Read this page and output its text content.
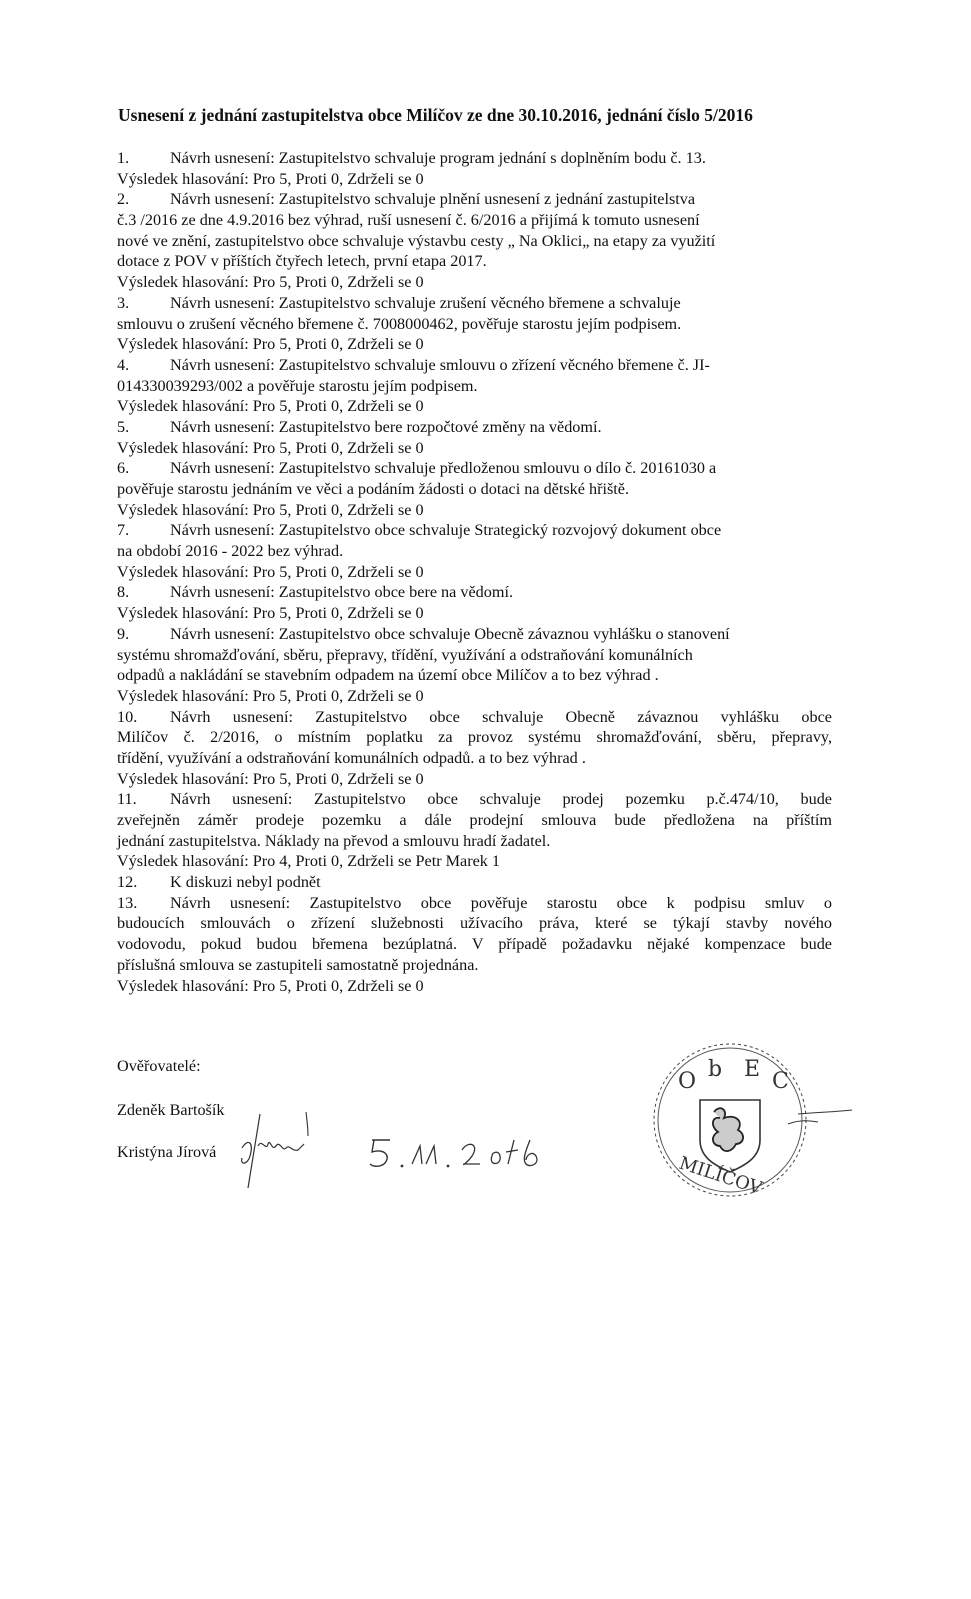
Usnesení z jednání zastupitelstva obce Milíčov ze dne 30.10.2016, jednání číslo 5/2016
1.	Návrh usnesení: Zastupitelstvo schvaluje program jednání s doplněním bodu č. 13.
Výsledek hlasování: Pro 5, Proti 0, Zdrželi se 0
2.	Návrh usnesení: Zastupitelstvo schvaluje plnění usnesení z jednání zastupitelstva
č.3 /2016 ze dne 4.9.2016 bez výhrad, ruší usnesení č. 6/2016 a přijímá k tomuto usnesení
nové ve znění, zastupitelstvo obce schvaluje výstavbu cesty „ Na Oklici„ na etapy za využití
dotace z POV v příštích čtyřech letech, první etapa 2017.
Výsledek hlasování: Pro 5, Proti 0, Zdrželi se 0
3.	Návrh usnesení: Zastupitelstvo schvaluje zrušení věcného břemene a schvaluje
smlouvu o zrušení věcného břemene č. 7008000462, pověřuje starostu jejím podpisem.
Výsledek hlasování: Pro 5, Proti 0, Zdrželi se 0
4.	Návrh usnesení: Zastupitelstvo schvaluje smlouvu o zřízení věcného břemene č. JI-
014330039293/002 a pověřuje starostu jejím podpisem.
Výsledek hlasování: Pro 5, Proti 0, Zdrželi se 0
5.	Návrh usnesení: Zastupitelstvo bere rozpočtové změny na vědomí.
Výsledek hlasování: Pro 5, Proti 0, Zdrželi se 0
6.	Návrh usnesení: Zastupitelstvo schvaluje předloženou smlouvu o dílo č. 20161030 a
pověřuje starostu jednáním ve věci a podáním žádosti o dotaci na dětské hřiště.
Výsledek hlasování: Pro 5, Proti 0, Zdrželi se 0
7.	Návrh usnesení: Zastupitelstvo obce schvaluje Strategický rozvojový dokument obce
na období 2016 - 2022 bez výhrad.
Výsledek hlasování: Pro 5, Proti 0, Zdrželi se 0
8.	Návrh usnesení: Zastupitelstvo obce bere na vědomí.
Výsledek hlasování: Pro 5, Proti 0, Zdrželi se 0
9.	Návrh usnesení: Zastupitelstvo obce schvaluje Obecně závaznou vyhlášku o stanovení
systému shromažďování, sběru, přepravy, třídění, využívání a odstraňování komunálních
odpadů a nakládání se stavebním odpadem na území obce Milíčov a to bez výhrad .
Výsledek hlasování: Pro 5, Proti 0, Zdrželi se 0
10. Návrh usnesení: Zastupitelstvo obce schvaluje Obecně závaznou vyhlášku obce
Milíčov č. 2/2016, o místním poplatku za provoz systému shromažďování, sběru, přepravy,
třídění, využívání a odstraňování komunálních odpadů. a to bez výhrad .
Výsledek hlasování: Pro 5, Proti 0, Zdrželi se 0
11. Návrh usnesení: Zastupitelstvo obce schvaluje prodej pozemku p.č.474/10, bude
zveřejněn záměr prodeje pozemku a dále prodejní smlouva bude předložena na příštím
jednání zastupitelstva. Náklady na převod a smlouvu hradí žadatel.
Výsledek hlasování: Pro 4, Proti 0, Zdrželi se Petr Marek 1
12. K diskuzi nebyl podnět
13. Návrh usnesení: Zastupitelstvo obce pověřuje starostu obce k podpisu smluv o
budoucích smlouvách o zřízení služebnosti užívacího práva, které se týkají stavby nového
vodovodu, pokud budou břemena bezúplatná. V případě požadavku nějaké kompenzace bude
příslušná smlouva se zastupiteli samostatně projednána.
Výsledek hlasování: Pro 5, Proti 0, Zdrželi se 0
Ověřovatelé:
Zdeněk Bartošík
Kristýna Jírová
O b E C
MILÍČOV
